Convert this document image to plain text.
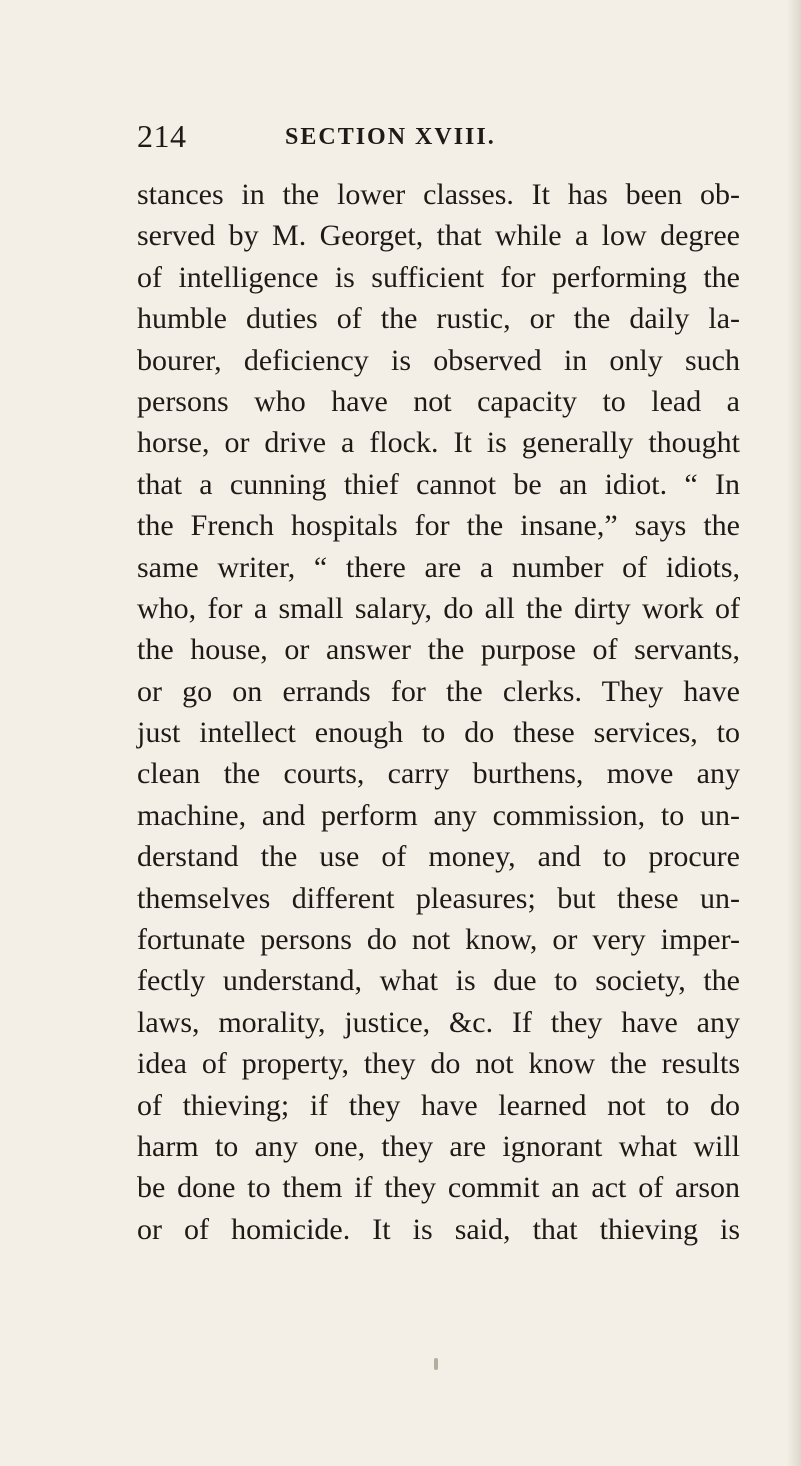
214	SECTION XVIII.
stances in the lower classes. It has been ob-
served by M. Georget, that while a low degree
of intelligence is sufficient for performing the
humble duties of the rustic, or the daily la-
bourer, deficiency is observed in only such
persons who have not capacity to lead a
horse, or drive a flock. It is generally thought
that a cunning thief cannot be an idiot. “ In
the French hospitals for the insane,” says the
same writer, “ there are a number of idiots,
who, for a small salary, do all the dirty work of
the house, or answer the purpose of servants,
or go on errands for the clerks. They have
just intellect enough to do these services, to
clean the courts, carry burthens, move any
machine, and perform any commission, to un-
derstand the use of money, and to procure
themselves different pleasures; but these un-
fortunate persons do not know, or very imper-
fectly understand, what is due to society, the
laws, morality, justice, &c. If they have any
idea of property, they do not know the results
of thieving; if they have learned not to do
harm to any one, they are ignorant what will
be done to them if they commit an act of arson
or of homicide. It is said, that thieving is
